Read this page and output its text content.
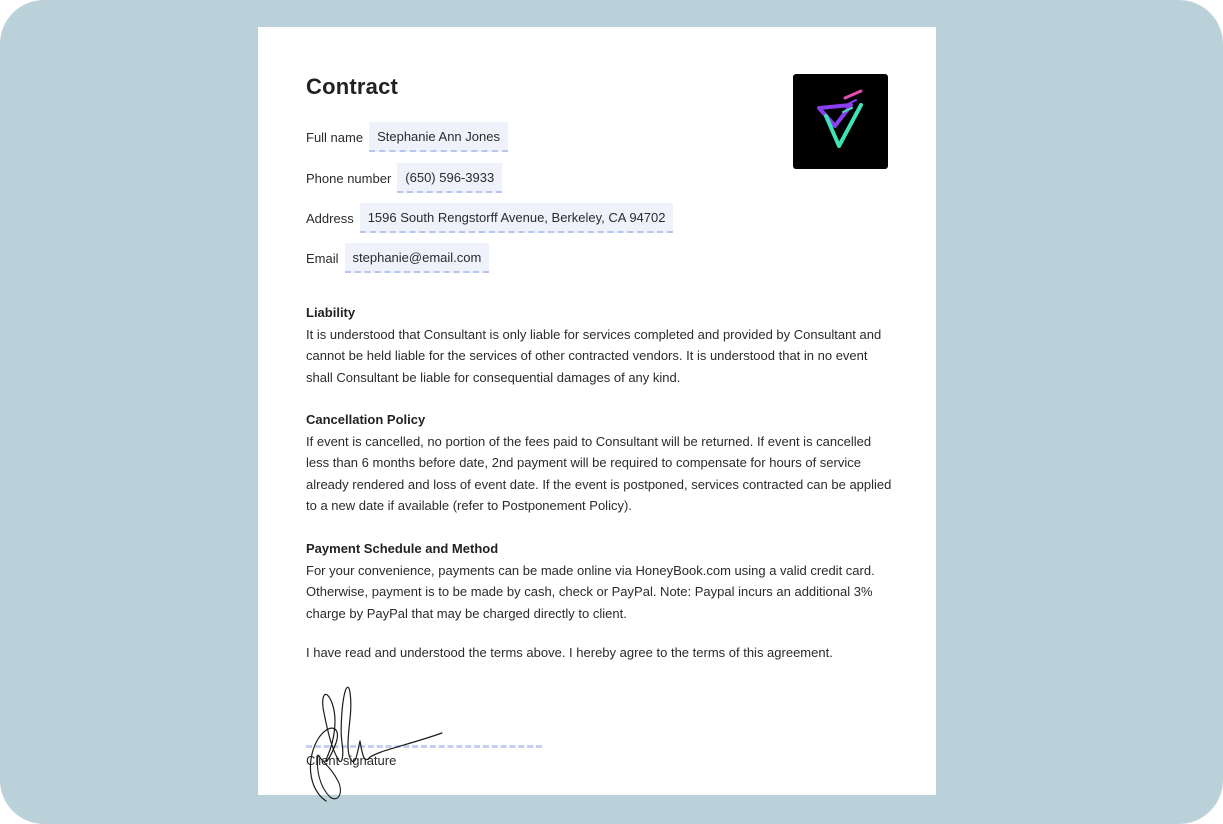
Contract
Full name	Stephanie Ann Jones
Phone number	(650) 596-3933
Address	1596 South Rengstorff Avenue, Berkeley, CA 94702
Email	stephanie@email.com
Liability
It is understood that Consultant is only liable for services completed and provided by Consultant and cannot be held liable for the services of other contracted vendors. It is understood that in no event shall Consultant be liable for consequential damages of any kind.
Cancellation Policy
If event is cancelled, no portion of the fees paid to Consultant will be returned. If event is cancelled less than 6 months before date, 2nd payment will be required to compensate for hours of service already rendered and loss of event date. If the event is postponed, services contracted can be applied to a new date if available (refer to Postponement Policy).
Payment Schedule and Method
For your convenience, payments can be made online via HoneyBook.com using a valid credit card. Otherwise, payment is to be made by cash, check or PayPal. Note: Paypal incurs an additional 3% charge by PayPal that may be charged directly to client.
I have read and understood the terms above. I hereby agree to the terms of this agreement.
Client signature
